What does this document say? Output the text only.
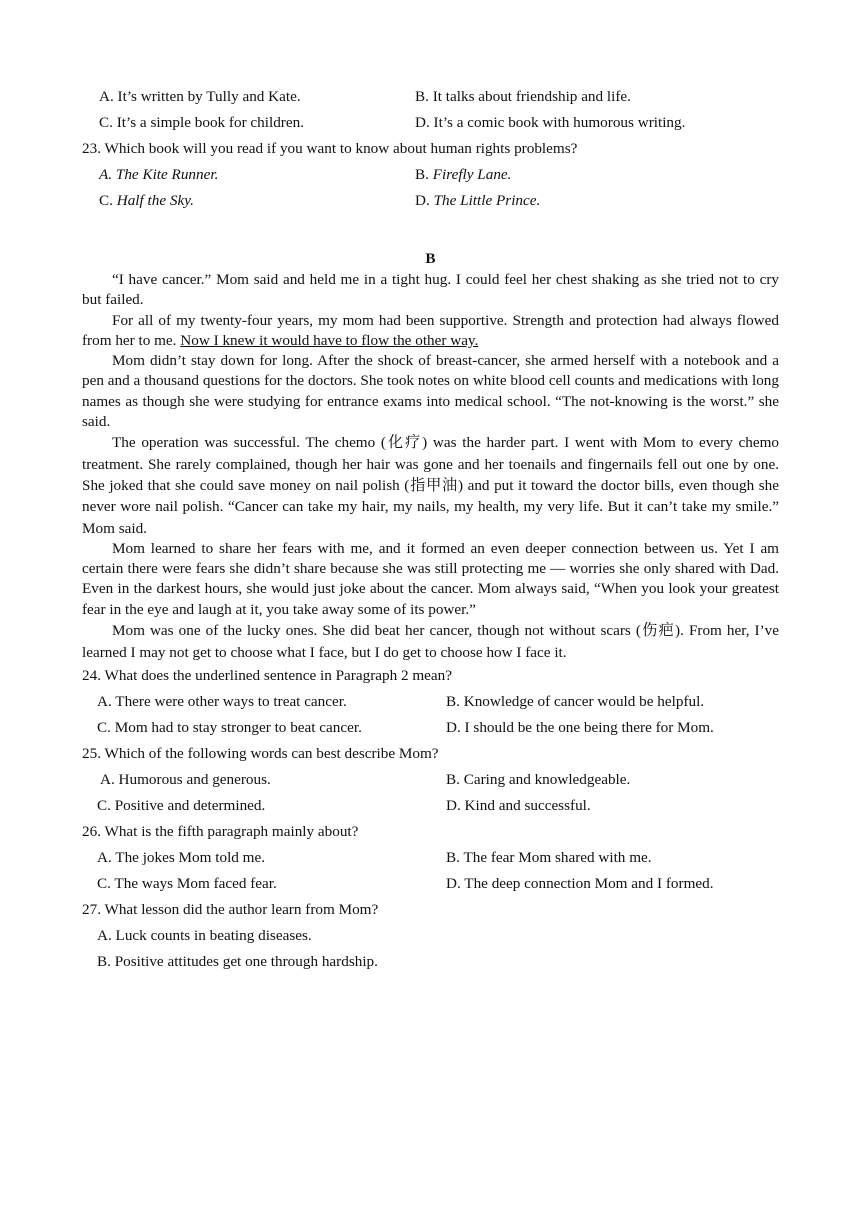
A. It’s written by Tully and Kate.	B. It talks about friendship and life.
C. It’s a simple book for children.	D. It’s a comic book with humorous writing.
23. Which book will you read if you want to know about human rights problems?
A. The Kite Runner.	B. Firefly Lane.
C. Half the Sky.	D. The Little Prince.
B

“I have cancer.” Mom said and held me in a tight hug. I could feel her chest shaking as she tried not to cry but failed.

For all of my twenty-four years, my mom had been supportive. Strength and protection had always flowed from her to me. Now I knew it would have to flow the other way.

Mom didn’t stay down for long. After the shock of breast-cancer, she armed herself with a notebook and a pen and a thousand questions for the doctors. She took notes on white blood cell counts and medications with long names as though she were studying for entrance exams into medical school. “The not-knowing is the worst.” she said.

The operation was successful. The chemo (化疗) was the harder part. I went with Mom to every chemo treatment. She rarely complained, though her hair was gone and her toenails and fingernails fell out one by one. She joked that she could save money on nail polish (指甲油) and put it toward the doctor bills, even though she never wore nail polish. “Cancer can take my hair, my nails, my health, my very life. But it can’t take my smile.” Mom said.

Mom learned to share her fears with me, and it formed an even deeper connection between us. Yet I am certain there were fears she didn’t share because she was still protecting me — worries she only shared with Dad. Even in the darkest hours, she would just joke about the cancer. Mom always said, “When you look your greatest fear in the eye and laugh at it, you take away some of its power.”

Mom was one of the lucky ones. She did beat her cancer, though not without scars (伤疤). From her, I’ve learned I may not get to choose what I face, but I do get to choose how I face it.

24. What does the underlined sentence in Paragraph 2 mean?
A. There were other ways to treat cancer.	B. Knowledge of cancer would be helpful.
C. Mom had to stay stronger to beat cancer.	D. I should be the one being there for Mom.
25. Which of the following words can best describe Mom?
A. Humorous and generous.	B. Caring and knowledgeable.
C. Positive and determined.	D. Kind and successful.
26. What is the fifth paragraph mainly about?
A. The jokes Mom told me.	B. The fear Mom shared with me.
C. The ways Mom faced fear.	D. The deep connection Mom and I formed.
27. What lesson did the author learn from Mom?
A. Luck counts in beating diseases.
B. Positive attitudes get one through hardship.
